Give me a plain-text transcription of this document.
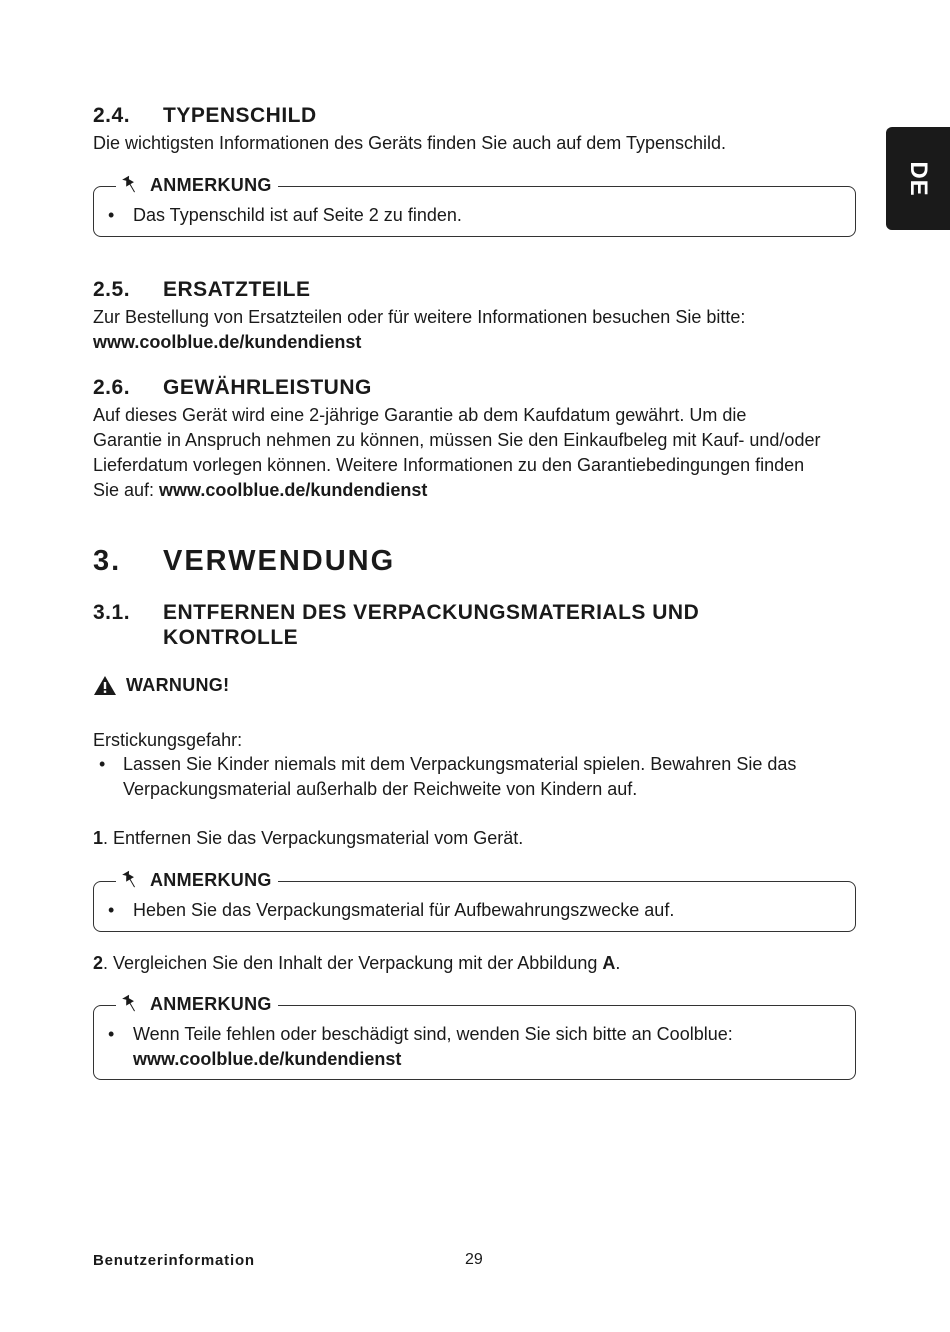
DE
2.4. TYPENSCHILD

Die wichtigsten Informationen des Geräts finden Sie auch auf dem Typenschild.

ANMERKUNG
• Das Typenschild ist auf Seite 2 zu finden.
2.5. ERSATZTEILE

Zur Bestellung von Ersatzteilen oder für weitere Informationen besuchen Sie bitte:

www.coolblue.de/kundendienst

2.6. GEWÄHRLEISTUNG

Auf dieses Gerät wird eine 2-jährige Garantie ab dem Kaufdatum gewährt. Um die

Garantie in Anspruch nehmen zu können, müssen Sie den Einkaufbeleg mit Kauf- und/oder

Lieferdatum vorlegen können. Weitere Informationen zu den Garantiebedingungen finden

Sie auf: www.coolblue.de/kundendienst

3. VERWENDUNG
3.1. ENTFERNEN DES VERPACKUNGSMATERIALS UND
KONTROLLE
WARNUNG!

Erstickungsgefahr:

• Lassen Sie Kinder niemals mit dem Verpackungsmaterial spielen. Bewahren Sie das
Verpackungsmaterial außerhalb der Reichweite von Kindern auf.
1. Entfernen Sie das Verpackungsmaterial vom Gerät.
ANMERKUNG
• Heben Sie das Verpackungsmaterial für Aufbewahrungszwecke auf.
2. Vergleichen Sie den Inhalt der Verpackung mit der Abbildung A.
ANMERKUNG
• Wenn Teile fehlen oder beschädigt sind, wenden Sie sich bitte an Coolblue:
www.coolblue.de/kundendienst
Benutzerinformation	29
